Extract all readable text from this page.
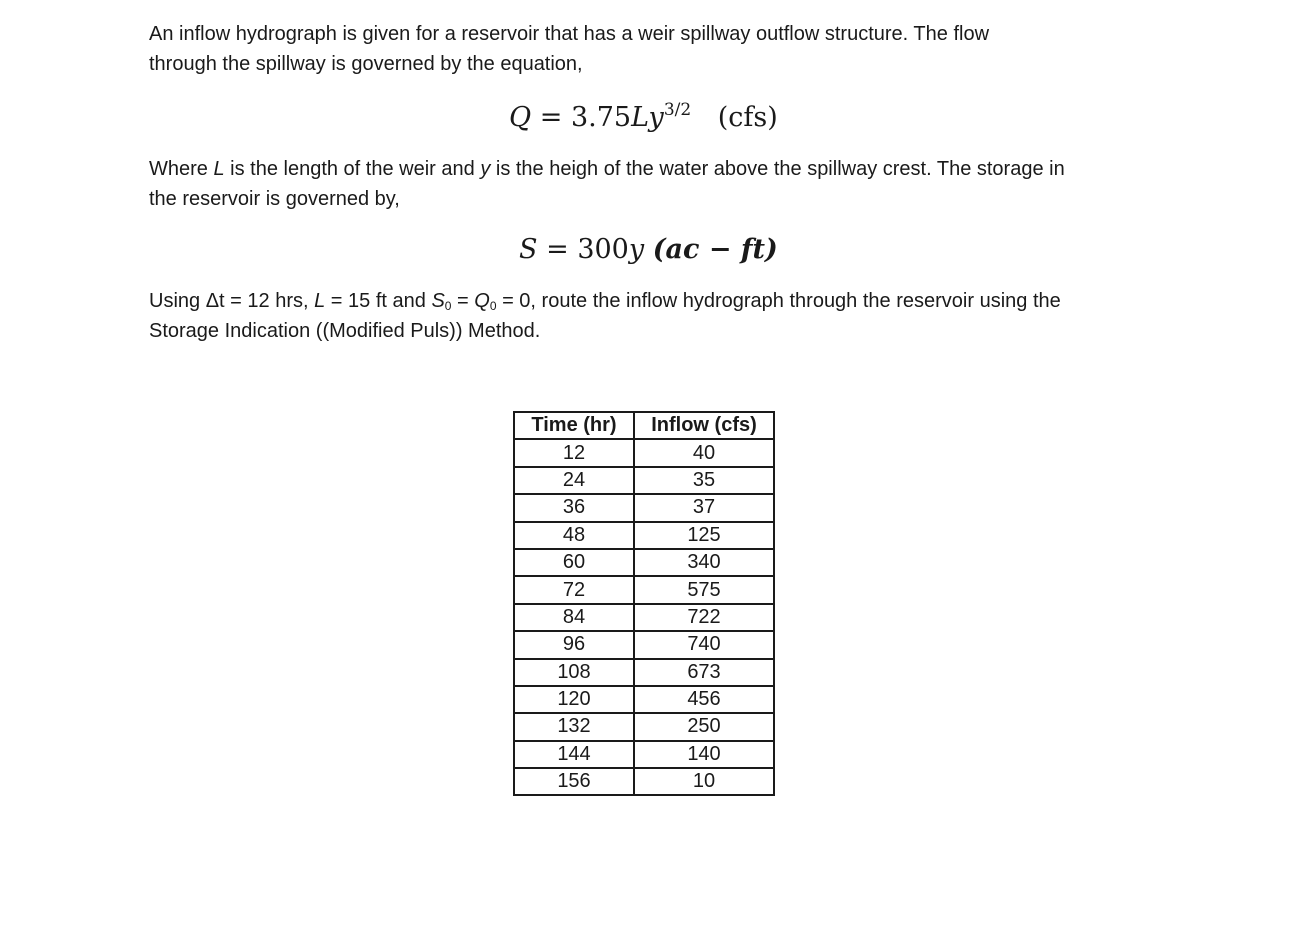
An inflow hydrograph is given for a reservoir that has a weir spillway outflow structure. The flow
through the spillway is governed by the equation,
$Q = 3.75Ly^{3/2}$ (cfs)
Where L is the length of the weir and y is the heigh of the water above the spillway crest. The storage in
the reservoir is governed by,
S = 300y (ac − ft)
Using Δt = 12 hrs, L = 15 ft and $S_0 = Q_0 = 0$, route the inflow hydrograph through the reservoir using the
Storage Indication ((Modified Puls)) Method.
Time (hr)	Inflow (cfs)
12	40
24	35
36	37
48	125
60	340
72	575
84	722
96	740
108	673
120	456
132	250
144	140
156	10
